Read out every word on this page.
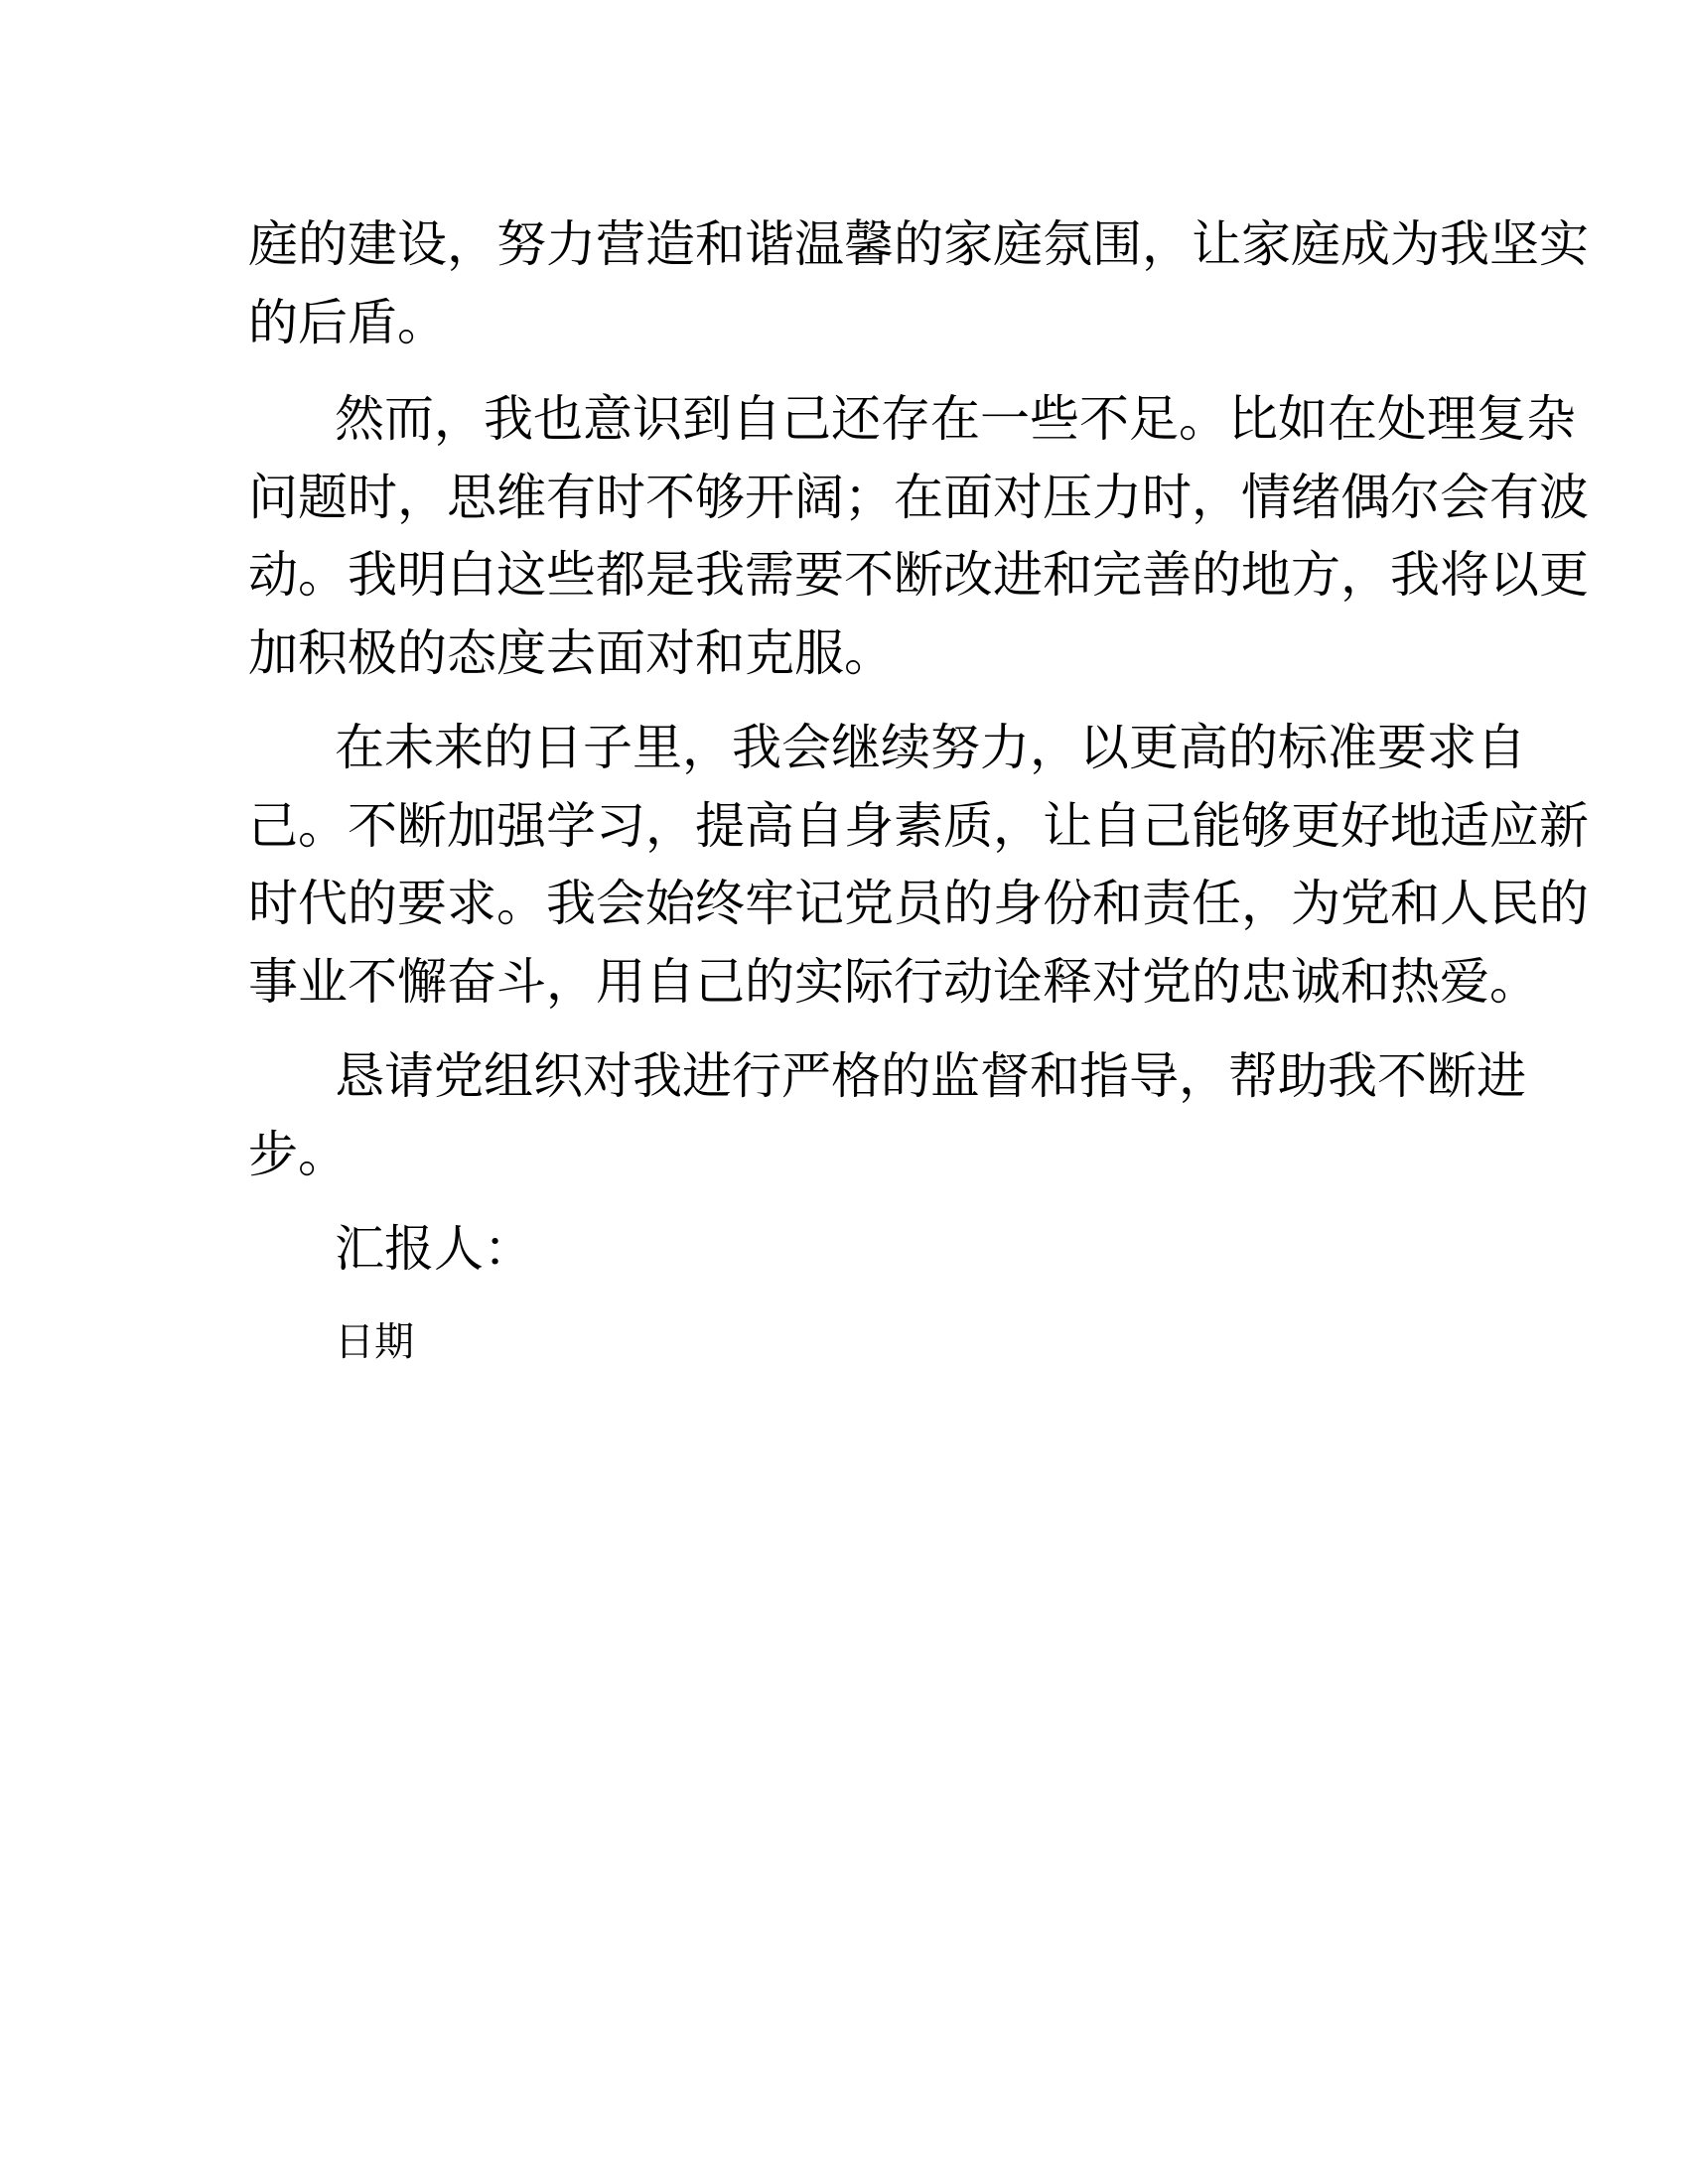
庭的建设，努力营造和谐温馨的家庭氛围，让家庭成为我坚实
的后盾。
然而，我也意识到自己还存在一些不足。比如在处理复杂
问题时，思维有时不够开阔；在面对压力时，情绪偶尔会有波
动。我明白这些都是我需要不断改进和完善的地方，我将以更
加积极的态度去面对和克服。
在未来的日子里，我会继续努力，以更高的标准要求自
己。不断加强学习，提高自身素质，让自己能够更好地适应新
时代的要求。我会始终牢记党员的身份和责任，为党和人民的
事业不懈奋斗，用自己的实际行动诠释对党的忠诚和热爱。
恳请党组织对我进行严格的监督和指导，帮助我不断进
步。
汇报人：
日期
